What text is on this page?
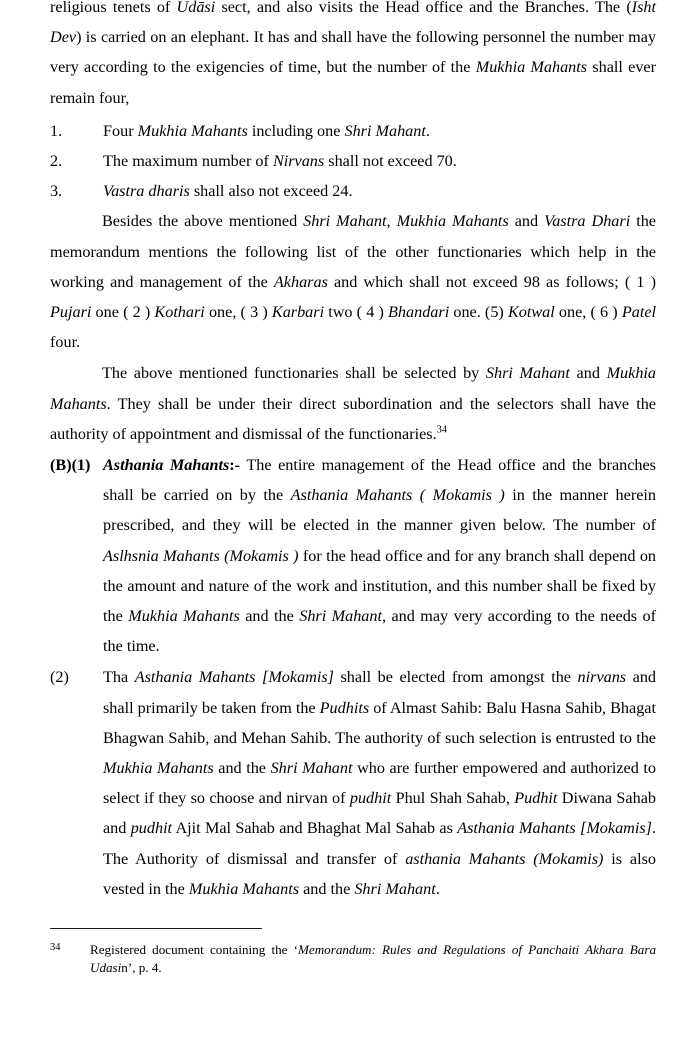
religious tenets of Udāsi sect, and also visits the Head office and the Branches. The (Isht Dev) is carried on an elephant. It has and shall have the following personnel the number may very according to the exigencies of time, but the number of the Mukhia Mahants shall ever remain four,

1.	Four Mukhia Mahants including one Shri Mahant.
2.	The maximum number of Nirvans shall not exceed 70.
3.	Vastra dharis shall also not exceed 24.

Besides the above mentioned Shri Mahant, Mukhia Mahants and Vastra Dhari the memorandum mentions the following list of the other functionaries which help in the working and management of the Akharas and which shall not exceed 98 as follows; ( 1 ) Pujari one ( 2 ) Kothari one, ( 3 ) Karbari two ( 4 ) Bhandari one. (5) Kotwal one, ( 6 ) Patel four.

The above mentioned functionaries shall be selected by Shri Mahant and Mukhia Mahants. They shall be under their direct subordination and the selectors shall have the authority of appointment and dismissal of the functionaries.$^{34}$

(B)(1) Asthania Mahants:- The entire management of the Head office and the branches shall be carried on by the Asthania Mahants ( Mokamis ) in the manner herein prescribed, and they will be elected in the manner given below. The number of Aslhsnia Mahants (Mokamis ) for the head office and for any branch shall depend on the amount and nature of the work and institution, and this number shall be fixed by the Mukhia Mahants and the Shri Mahant, and may very according to the needs of the time.
(2)	Tha Asthania Mahants [Mokamis] shall be elected from amongst the nirvans and shall primarily be taken from the Pudhits of Almast Sahib: Balu Hasna Sahib, Bhagat Bhagwan Sahib, and Mehan Sahib. The authority of such selection is entrusted to the Mukhia Mahants and the Shri Mahant who are further empowered and authorized to select if they so choose and nirvan of pudhit Phul Shah Sahab, Pudhit Diwana Sahab and pudhit Ajit Mal Sahab and Bhaghat Mal Sahab as Asthania Mahants [Mokamis]. The Authority of dismissal and transfer of asthania Mahants (Mokamis) is also vested in the Mukhia Mahants and the Shri Mahant.
34 Registered document containing the ‘Memorandum: Rules and Regulations of Panchaiti Akhara Bara Udasin’, p. 4.
